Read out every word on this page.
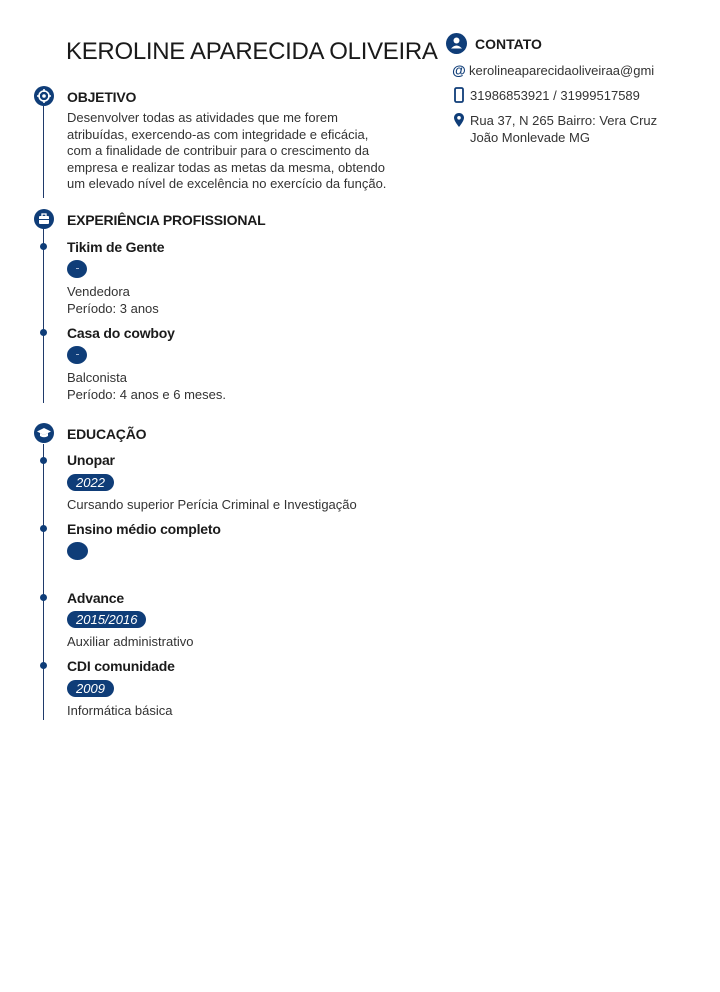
KEROLINE APARECIDA OLIVEIRA	CONTATO
@ kerolineaparecidaoliveiraa@gmi
31986853921 / 31999517589
Rua 37, N 265 Bairro: Vera Cruz
João Monlevade MG
OBJETIVO
Desenvolver todas as atividades que me forem
atribuídas, exercendo-as com integridade e eficácia,
com a finalidade de contribuir para o crescimento da
empresa e realizar todas as metas da mesma, obtendo
um elevado nível de excelência no exercício da função.
EXPERIÊNCIA PROFISSIONAL
Tikim de Gente
Vendedora
Período: 3 anos
Casa do cowboy
Balconista
Período: 4 anos e 6 meses.
EDUCAÇÃO
Unopar
2022
Cursando superior Perícia Criminal e Investigação
Ensino médio completo
Advance
2015/2016
Auxiliar administrativo
CDI comunidade
2009
Informática básica
